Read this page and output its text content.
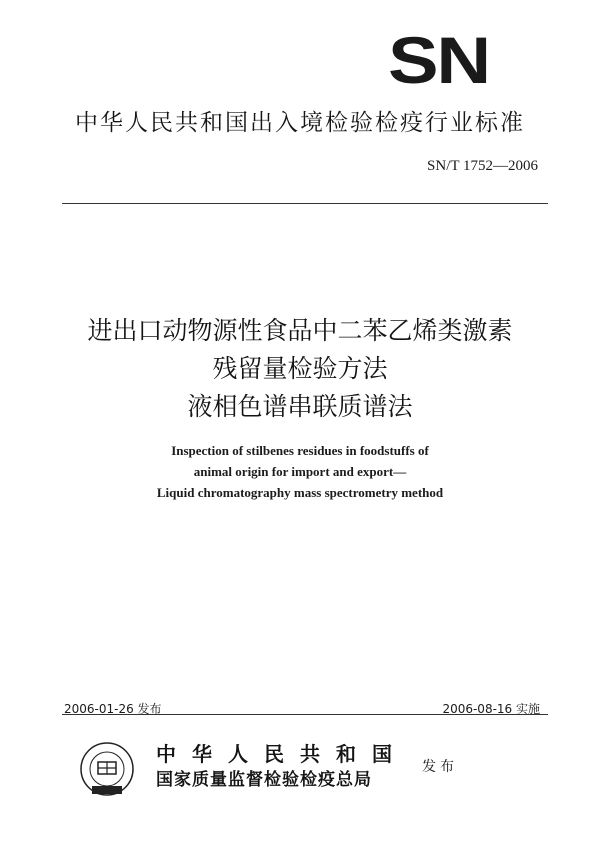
SN
中华人民共和国出入境检验检疫行业标准
SN/T 1752—2006
进出口动物源性食品中二苯乙烯类激素
残留量检验方法
液相色谱串联质谱法
Inspection of stilbenes residues in foodstuffs of
animal origin for import and export—
Liquid chromatography mass spectrometry method
2006-01-26 发布	2006-08-16 实施
中华人民共和国
国家质量监督检验检疫总局
发布
